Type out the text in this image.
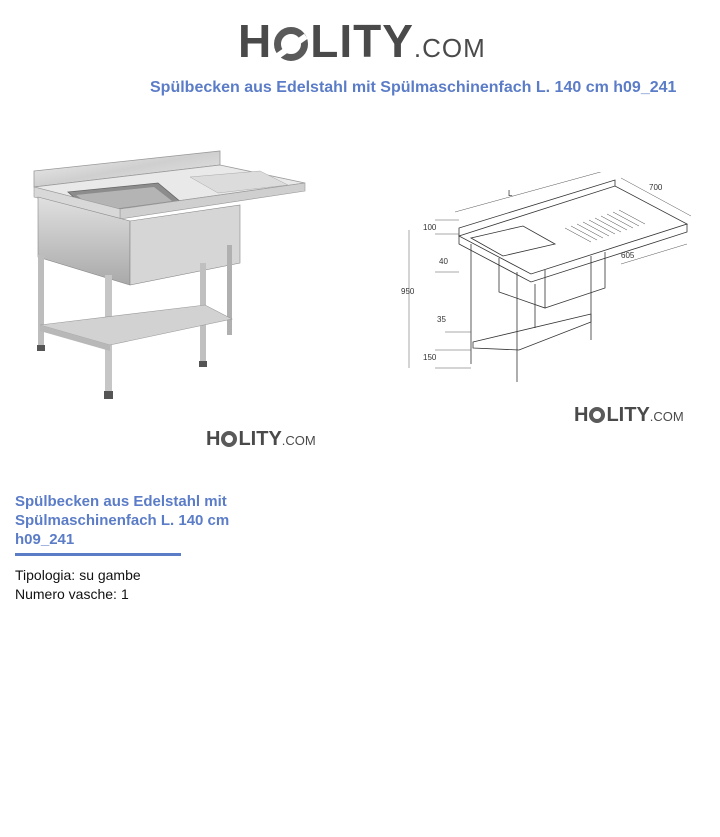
H LITY .COM
Spülbecken aus Edelstahl mit Spülmaschinenfach L. 140 cm h09_241
H LITY .COM
L
700
100
40
950
35
150
605
H LITY .COM
Spülbecken aus Edelstahl mit Spülmaschinenfach L. 140 cm h09_241
Tipologia: su gambe
Numero vasche: 1
